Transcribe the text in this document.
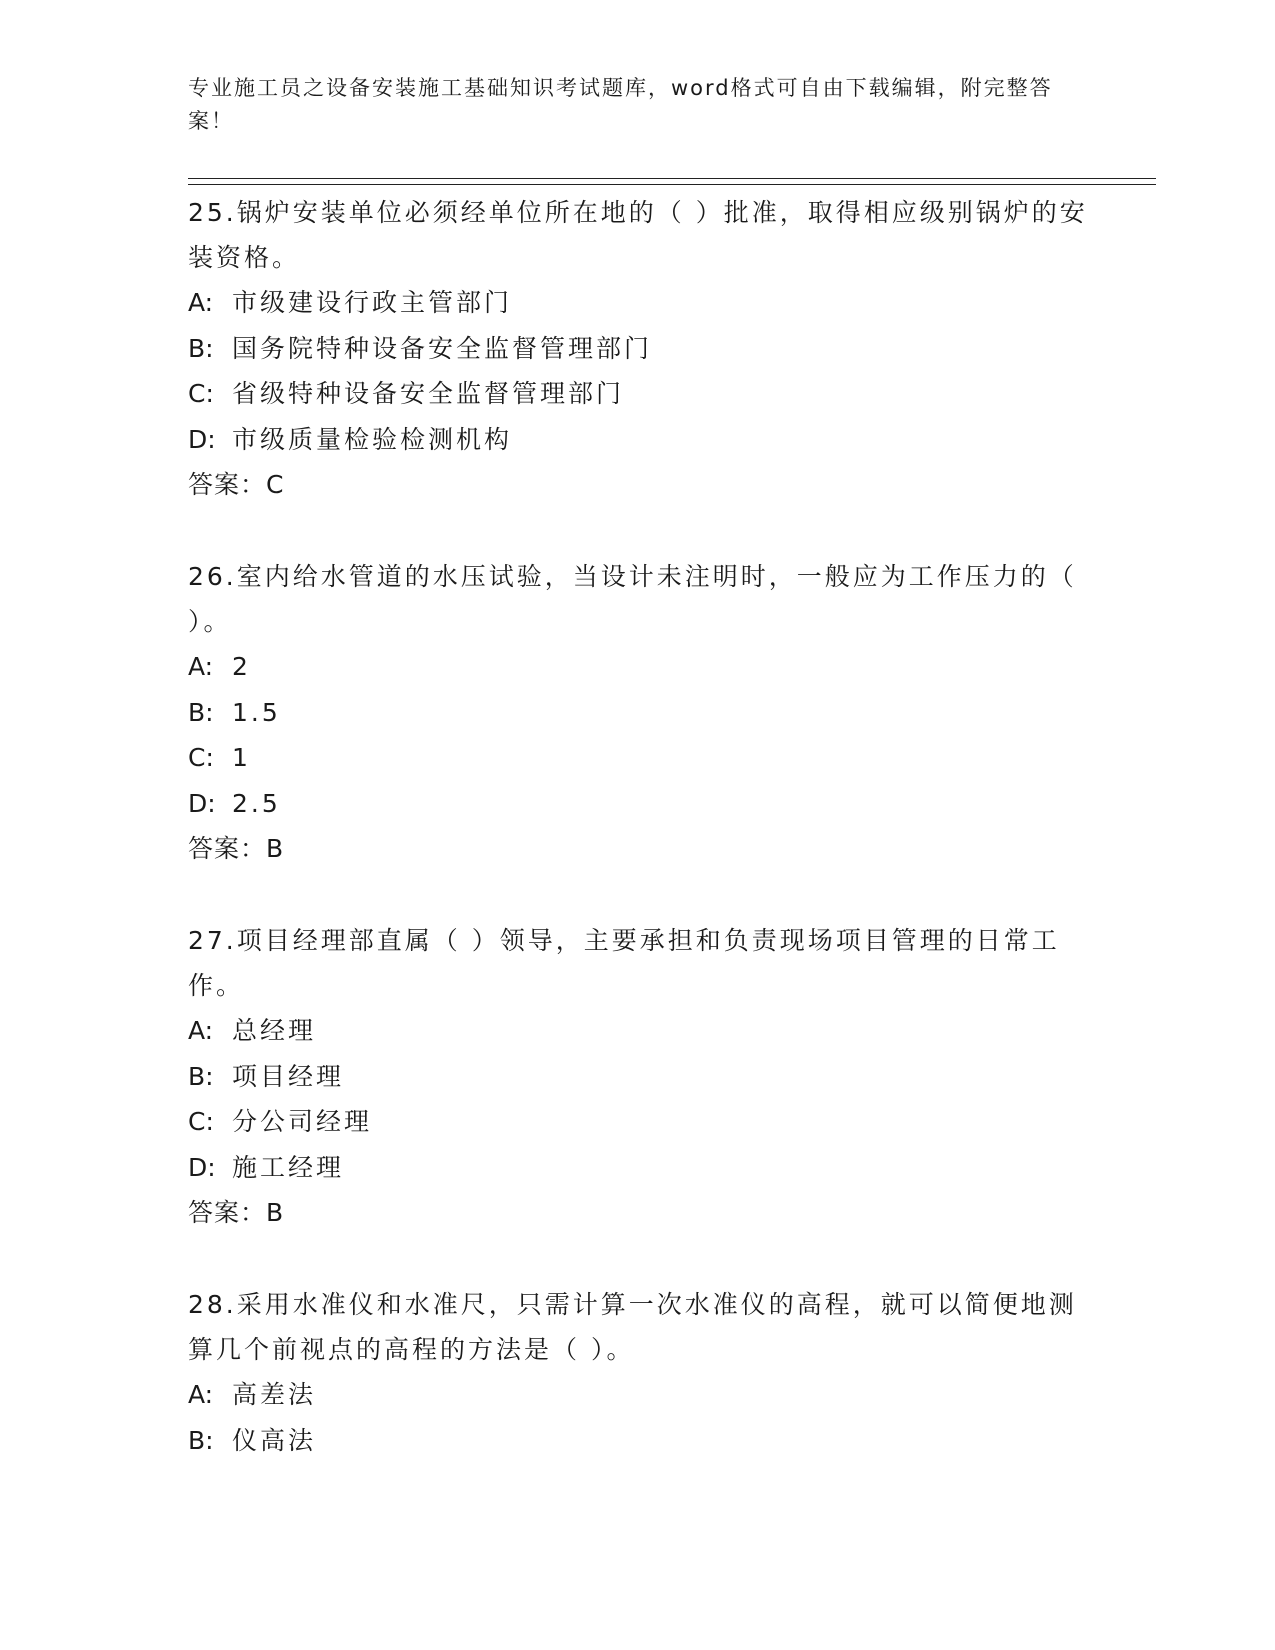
专业施工员之设备安装施工基础知识考试题库，word格式可自由下载编辑，附完整答案！
25.锅炉安装单位必须经单位所在地的（ ）批准，取得相应级别锅炉的安装资格。
A: 市级建设行政主管部门
B: 国务院特种设备安全监督管理部门
C: 省级特种设备安全监督管理部门
D: 市级质量检验检测机构
答案：C
26.室内给水管道的水压试验，当设计未注明时，一般应为工作压力的（ ）。
A: 2
B: 1.5
C: 1
D: 2.5
答案：B
27.项目经理部直属（ ）领导，主要承担和负责现场项目管理的日常工作。
A: 总经理
B: 项目经理
C: 分公司经理
D: 施工经理
答案：B
28.采用水准仪和水准尺，只需计算一次水准仪的高程，就可以简便地测算几个前视点的高程的方法是（ ）。
A: 高差法
B: 仪高法
